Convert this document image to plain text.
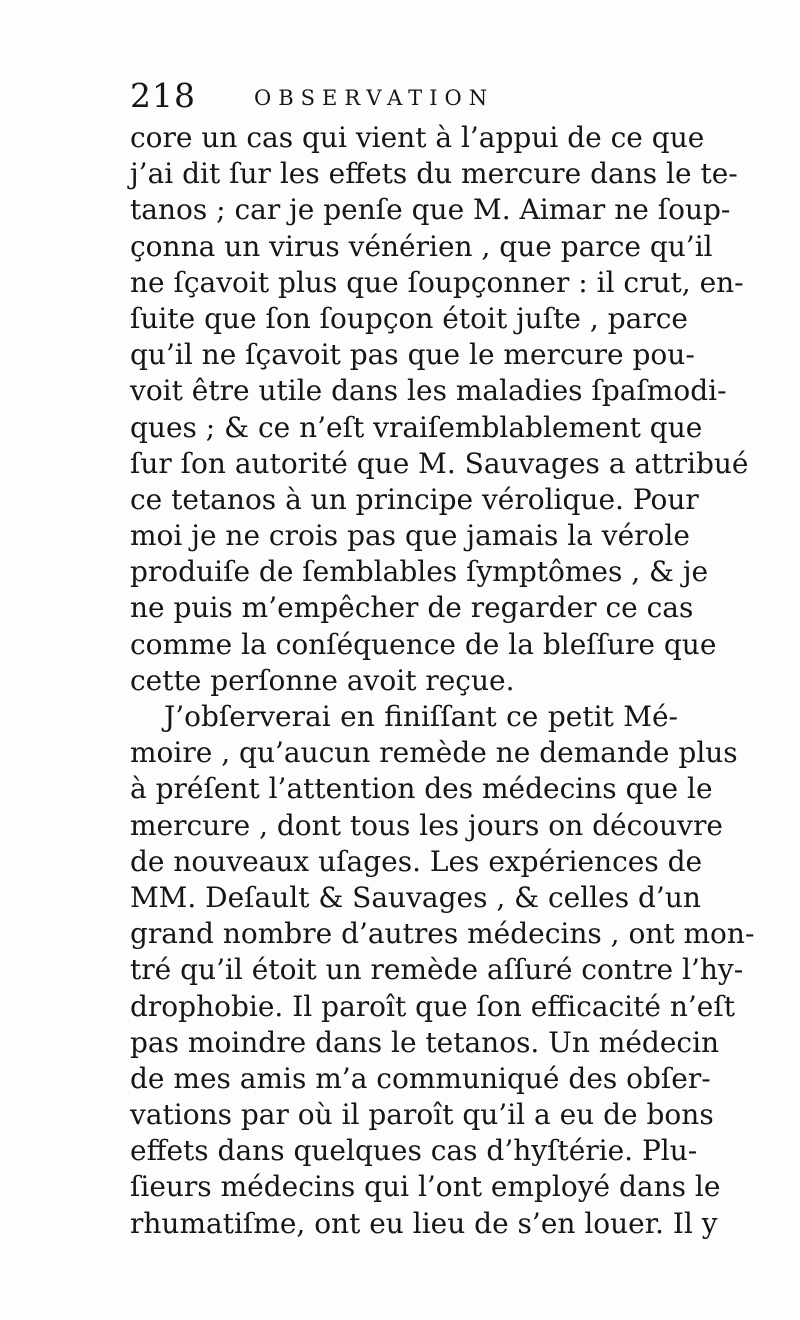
218 observation
core un cas qui vient à l’appui de ce que
j’ai dit ſur les effets du mercure dans le te-
tanos ; car je penſe que M. Aimar ne ſoup-
çonna un virus vénérien , que parce qu’il
ne ſçavoit plus que ſoupçonner : il crut, en-
ſuite que ſon ſoupçon étoit juſte , parce
qu’il ne ſçavoit pas que le mercure pou-
voit être utile dans les maladies ſpaſmodi-
ques ; & ce n’eſt vraiſemblablement que
ſur ſon autorité que M. Sauvages a attribué
ce tetanos à un principe vérolique. Pour
moi je ne crois pas que jamais la vérole
produiſe de ſemblables ſymptômes , & je
ne puis m’empêcher de regarder ce cas
comme la conſéquence de la bleſſure que
cette perſonne avoit reçue.
J’obſerverai en finiſſant ce petit Mé-
moire , qu’aucun remède ne demande plus
à préſent l’attention des médecins que le
mercure , dont tous les jours on découvre
de nouveaux uſages. Les expériences de
MM. Deſault & Sauvages , & celles d’un
grand nombre d’autres médecins , ont mon-
tré qu’il étoit un remède aſſuré contre l’hy-
drophobie. Il paroît que ſon efficacité n’eſt
pas moindre dans le tetanos. Un médecin
de mes amis m’a communiqué des obſer-
vations par où il paroît qu’il a eu de bons
effets dans quelques cas d’hyſtérie. Plu-
ſieurs médecins qui l’ont employé dans le
rhumatiſme, ont eu lieu de s’en louer. Il y
